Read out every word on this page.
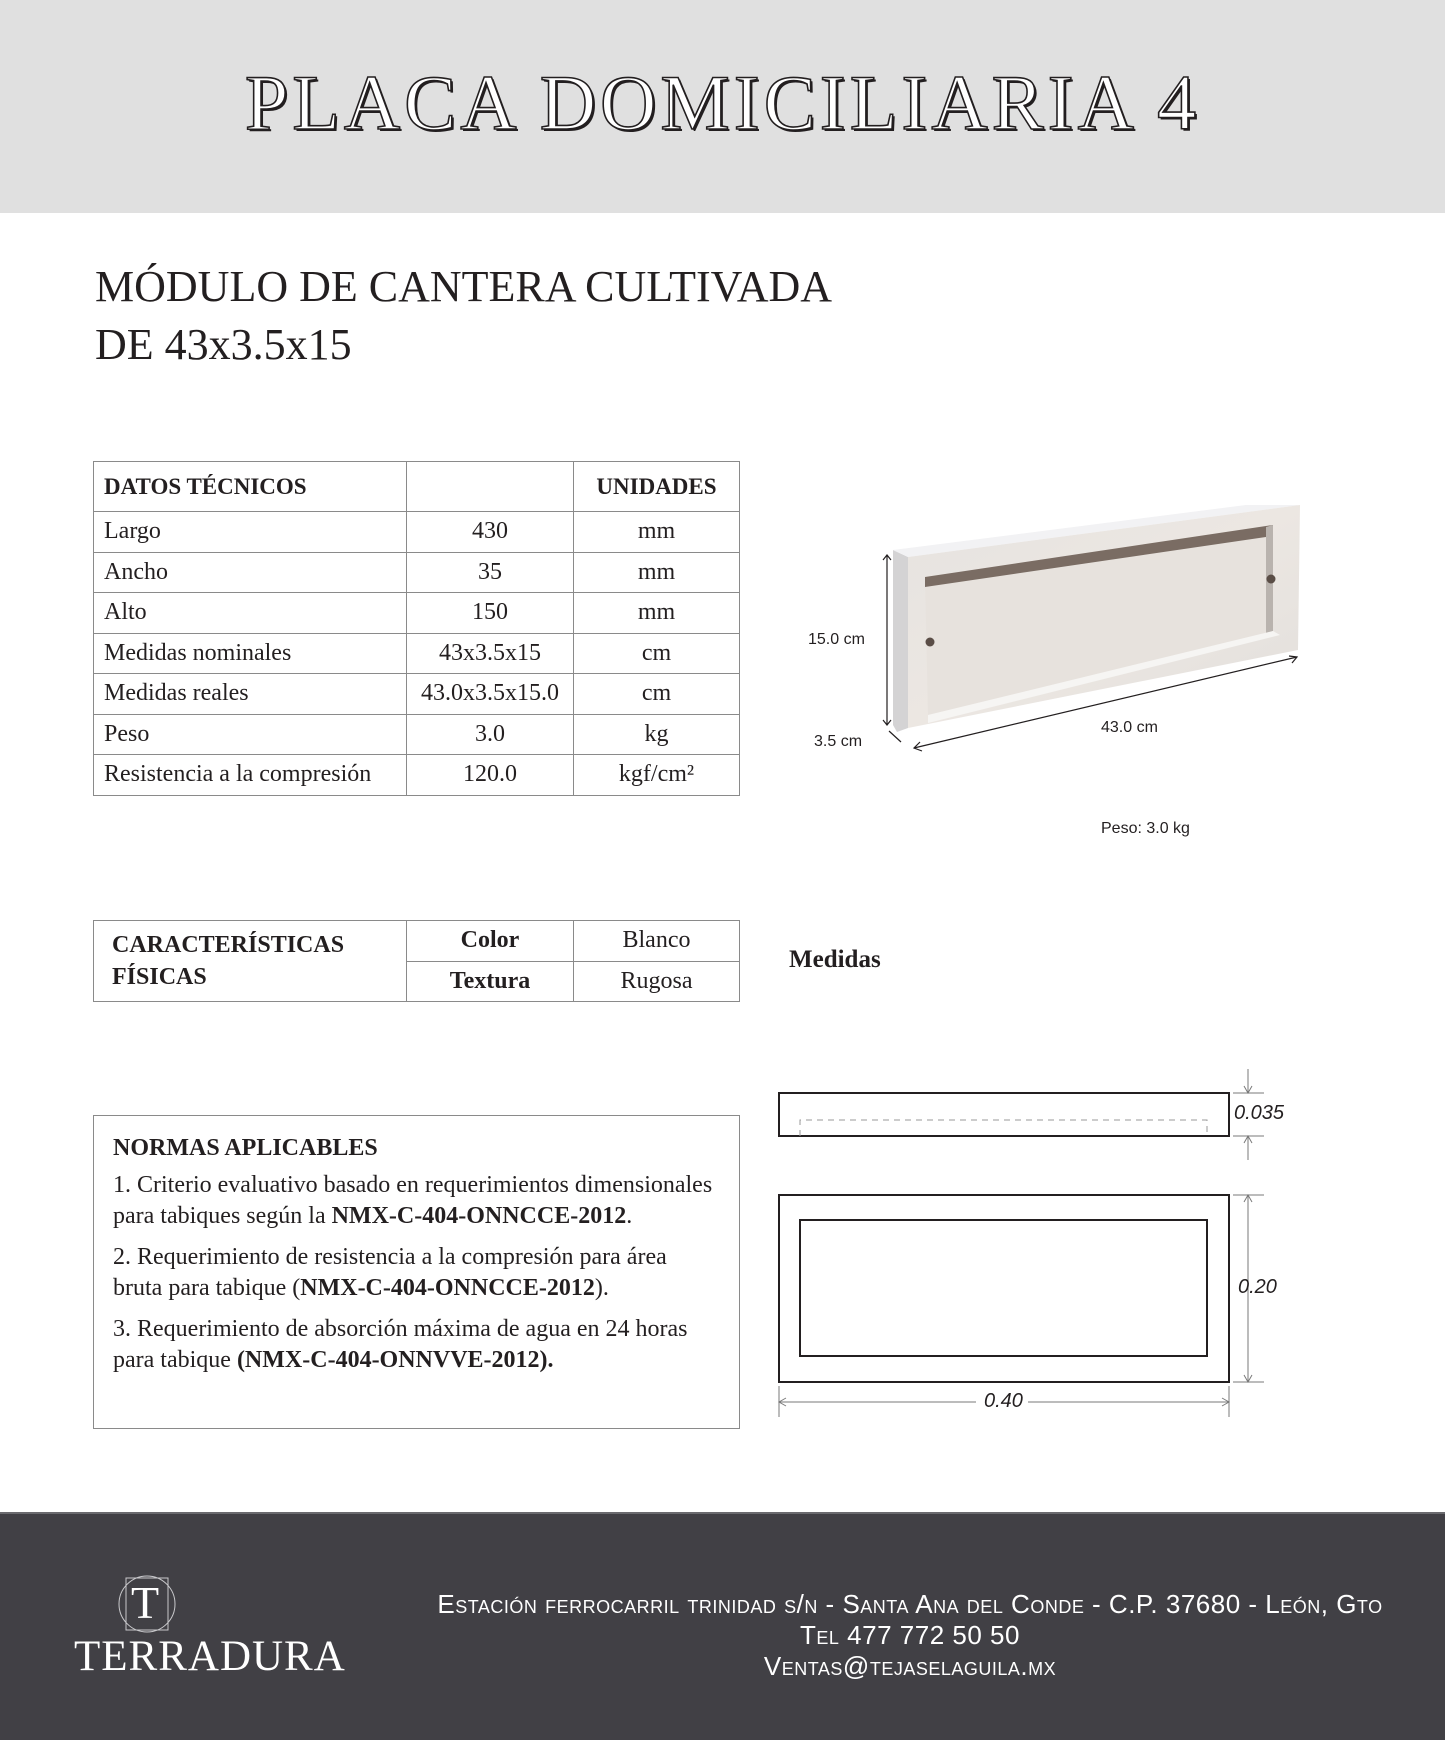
PLACA DOMICILIARIA 4
MÓDULO DE CANTERA CULTIVADA
DE 43x3.5x15
DATOS TÉCNICOS		UNIDADES
Largo	430	mm
Ancho	35	mm
Alto	150	mm
Medidas nominales	43x3.5x15	cm
Medidas reales	43.0x3.5x15.0	cm
Peso	3.0	kg
Resistencia a la compresión	120.0	kgf/cm²
15.0 cm
3.5 cm
43.0 cm
Peso: 3.0 kg
CARACTERÍSTICAS
FÍSICAS	Color	Blanco
	Textura	Rugosa
Medidas
NORMAS APLICABLES

1. Criterio evaluativo basado en requerimientos dimensionales para tabiques según la NMX-C-404-ONNCCE-2012.

2. Requerimiento de resistencia a la compresión para área bruta para tabique (NMX-C-404-ONNCCE-2012).

3. Requerimiento de absorción máxima de agua en 24 horas para tabique (NMX-C-404-ONNVVE-2012).

0.035
0.20
0.40
T
TERRADURA
Estación ferrocarril trinidad s/n - Santa Ana del Conde - C.P. 37680 - León, Gto
Tel 477 772 50 50
Ventas@tejaselaguila.mx
